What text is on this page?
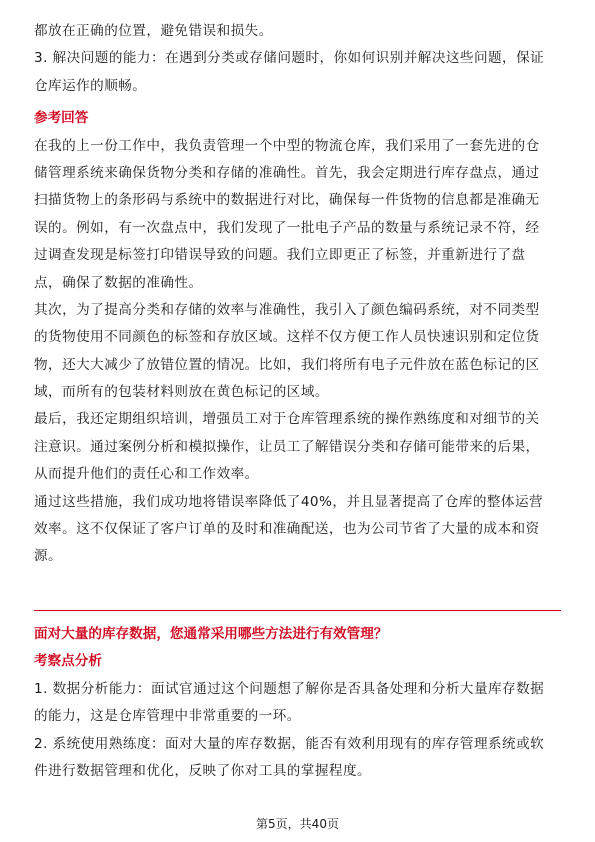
都放在正确的位置，避免错误和损失。
3. 解决问题的能力：在遇到分类或存储问题时，你如何识别并解决这些问题，保证
仓库运作的顺畅。
参考回答
在我的上一份工作中，我负责管理一个中型的物流仓库，我们采用了一套先进的仓
储管理系统来确保货物分类和存储的准确性。首先，我会定期进行库存盘点，通过
扫描货物上的条形码与系统中的数据进行对比，确保每一件货物的信息都是准确无
误的。例如，有一次盘点中，我们发现了一批电子产品的数量与系统记录不符，经
过调查发现是标签打印错误导致的问题。我们立即更正了标签，并重新进行了盘
点，确保了数据的准确性。
其次，为了提高分类和存储的效率与准确性，我引入了颜色编码系统，对不同类型
的货物使用不同颜色的标签和存放区域。这样不仅方便工作人员快速识别和定位货
物，还大大减少了放错位置的情况。比如，我们将所有电子元件放在蓝色标记的区
域，而所有的包装材料则放在黄色标记的区域。
最后，我还定期组织培训，增强员工对于仓库管理系统的操作熟练度和对细节的关
注意识。通过案例分析和模拟操作，让员工了解错误分类和存储可能带来的后果，
从而提升他们的责任心和工作效率。
通过这些措施，我们成功地将错误率降低了40%，并且显著提高了仓库的整体运营
效率。这不仅保证了客户订单的及时和准确配送，也为公司节省了大量的成本和资
源。
面对大量的库存数据，您通常采用哪些方法进行有效管理？
考察点分析
1. 数据分析能力：面试官通过这个问题想了解你是否具备处理和分析大量库存数据
的能力，这是仓库管理中非常重要的一环。
2. 系统使用熟练度：面对大量的库存数据，能否有效利用现有的库存管理系统或软
件进行数据管理和优化，反映了你对工具的掌握程度。
第5页，共40页
